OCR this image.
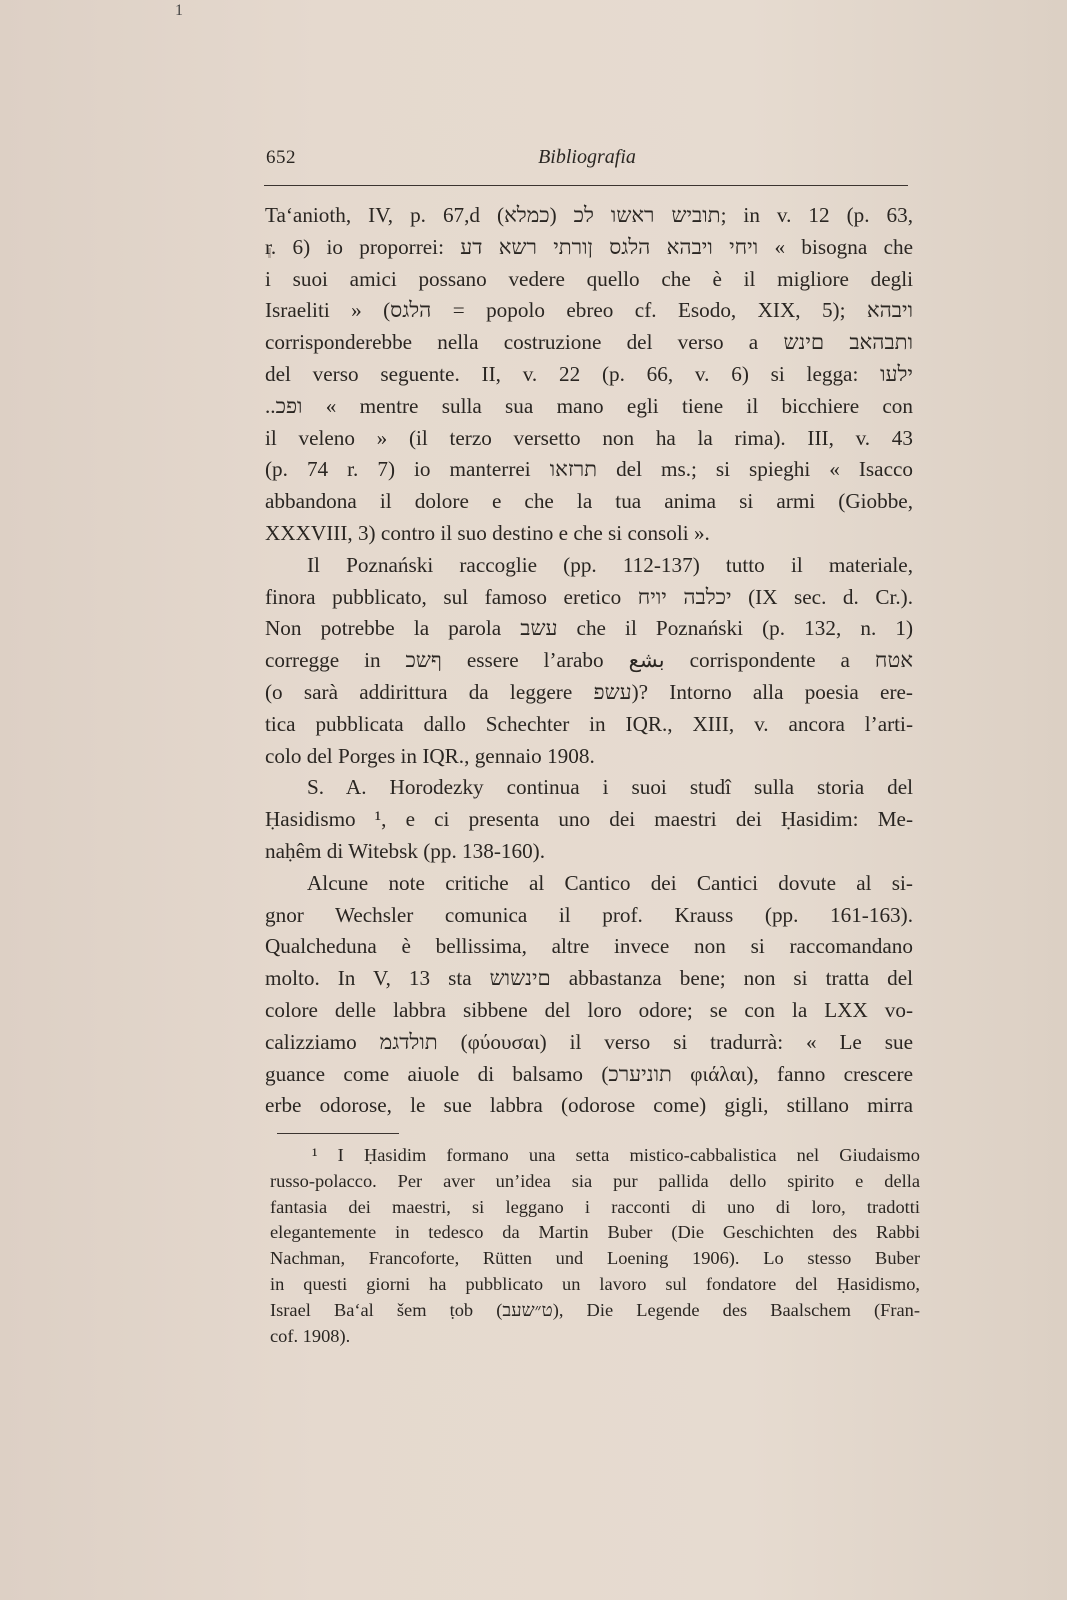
1
652	Bibliografia
Ta‘anioth, IV, p. 67,d תוביש ראשו לכ (כמלא); in v. 12 (p. 63,
r. 6) io proporrei: ויחי ויבהא הלגס ןורתי רשא דע « bisogna che
i suoi amici possano vedere quello che è il migliore degli
Israeliti » (הלגס = popolo ebreo cf. Esodo, XIX, 5); ויבהא
corrisponderebbe nella costruzione del verso a ותבהאב םינש
del verso seguente. II, v. 22 (p. 66, v. 6) si legga: ילעו
..ופכ « mentre sulla sua mano egli tiene il bicchiere con
il veleno » (il terzo versetto non ha la rima). III, v. 43
(p. 74 r. 7) io manterrei תרזאו del ms.; si spieghi « Isacco
abbandona il dolore e che la tua anima si armi (Giobbe,
XXXVIII, 3) contro il suo destino e che si consoli ».
Il Poznański raccoglie (pp. 112-137) tutto il materiale,
finora pubblicato, sul famoso eretico יכלבה יויח (IX sec. d. Cr.).
Non potrebbe la parola עשב che il Poznański (p. 132, n. 1)
corregge in ףשכ essere l’arabo بشع corrispondente a אטח
(o sarà addirittura da leggere עשפ)? Intorno alla poesia ere-
tica pubblicata dallo Schechter in IQR., XIII, v. ancora l’arti-
colo del Porges in IQR., gennaio 1908.
S. A. Horodezky continua i suoi studî sulla storia del
Ḥasidismo ¹, e ci presenta uno dei maestri dei Ḥasidim: Me-
naḥêm di Witebsk (pp. 138-160).
Alcune note critiche al Cantico dei Cantici dovute al si-
gnor Wechsler comunica il prof. Krauss (pp. 161-163).
Qualcheduna è bellissima, altre invece non si raccomandano
molto. In V, 13 sta םינשוש abbastanza bene; non si tratta del
colore delle labbra sibbene del loro odore; se con la LXX vo-
calizziamo תולדגמ (φύουσαι) il verso si tradurrà: « Le sue
guance come aiuole di balsamo (תוניערכ φιάλαι), fanno crescere
erbe odorose, le sue labbra (odorose come) gigli, stillano mirra
¹ I Ḥasidim formano una setta mistico-cabbalistica nel Giudaismo
russo-polacco. Per aver un’idea sia pur pallida dello spirito e della
fantasia dei maestri, si leggano i racconti di uno di loro, tradotti
elegantemente in tedesco da Martin Buber (Die Geschichten des Rabbi
Nachman, Francoforte, Rütten und Loening 1906). Lo stesso Buber
in questi giorni ha pubblicato un lavoro sul fondatore del Ḥasidismo,
Israel Ba‘al šem ṭob (ט״שעב), Die Legende des Baalschem (Fran-
cof. 1908).
